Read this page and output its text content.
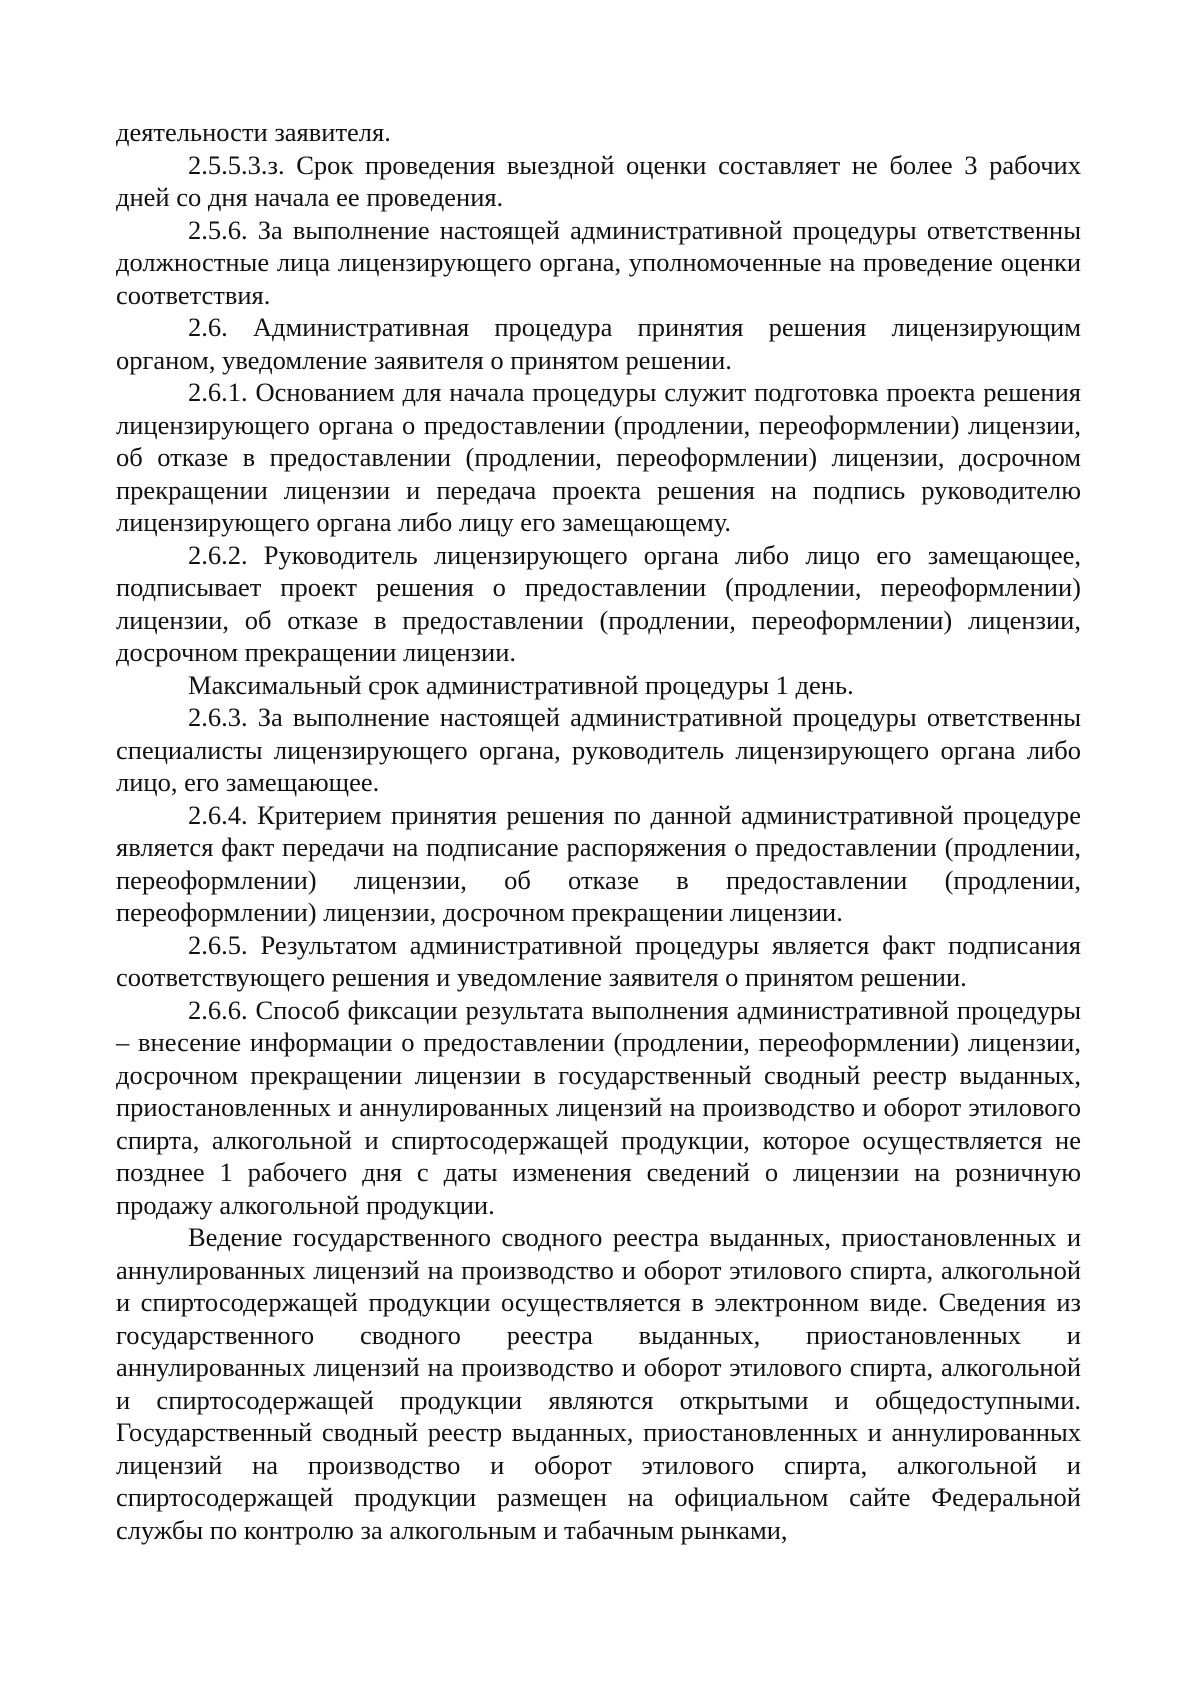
деятельности заявителя.

2.5.5.3.з. Срок проведения выездной оценки составляет не более 3 рабочих дней со дня начала ее проведения.

2.5.6. За выполнение настоящей административной процедуры ответственны должностные лица лицензирующего органа, уполномоченные на проведение оценки соответствия.

2.6. Административная процедура принятия решения лицензирующим органом, уведомление заявителя о принятом решении.

2.6.1. Основанием для начала процедуры служит подготовка проекта решения лицензирующего органа о предоставлении (продлении, переоформлении) лицензии, об отказе в предоставлении (продлении, переоформлении) лицензии, досрочном прекращении лицензии и передача проекта решения на подпись руководителю лицензирующего органа либо лицу его замещающему.

2.6.2. Руководитель лицензирующего органа либо лицо его замещающее, подписывает проект решения о предоставлении (продлении, переоформлении) лицензии, об отказе в предоставлении (продлении, переоформлении) лицензии, досрочном прекращении лицензии.

Максимальный срок административной процедуры 1 день.

2.6.3. За выполнение настоящей административной процедуры ответственны специалисты лицензирующего органа, руководитель лицензирующего органа либо лицо, его замещающее.

2.6.4. Критерием принятия решения по данной административной процедуре является факт передачи на подписание распоряжения о предоставлении (продлении, переоформлении) лицензии, об отказе в предоставлении (продлении, переоформлении) лицензии, досрочном прекращении лицензии.

2.6.5. Результатом административной процедуры является факт подписания соответствующего решения и уведомление заявителя о принятом решении.

2.6.6. Способ фиксации результата выполнения административной процедуры – внесение информации о предоставлении (продлении, переоформлении) лицензии, досрочном прекращении лицензии в государственный сводный реестр выданных, приостановленных и аннулированных лицензий на производство и оборот этилового спирта, алкогольной и спиртосодержащей продукции, которое осуществляется не позднее 1 рабочего дня с даты изменения сведений о лицензии на розничную продажу алкогольной продукции.

Ведение государственного сводного реестра выданных, приостановленных и аннулированных лицензий на производство и оборот этилового спирта, алкогольной и спиртосодержащей продукции осуществляется в электронном виде. Сведения из государственного сводного реестра выданных, приостановленных и аннулированных лицензий на производство и оборот этилового спирта, алкогольной и спиртосодержащей продукции являются открытыми и общедоступными. Государственный сводный реестр выданных, приостановленных и аннулированных лицензий на производство и оборот этилового спирта, алкогольной и спиртосодержащей продукции размещен на официальном сайте Федеральной службы по контролю за алкогольным и табачным рынками,
